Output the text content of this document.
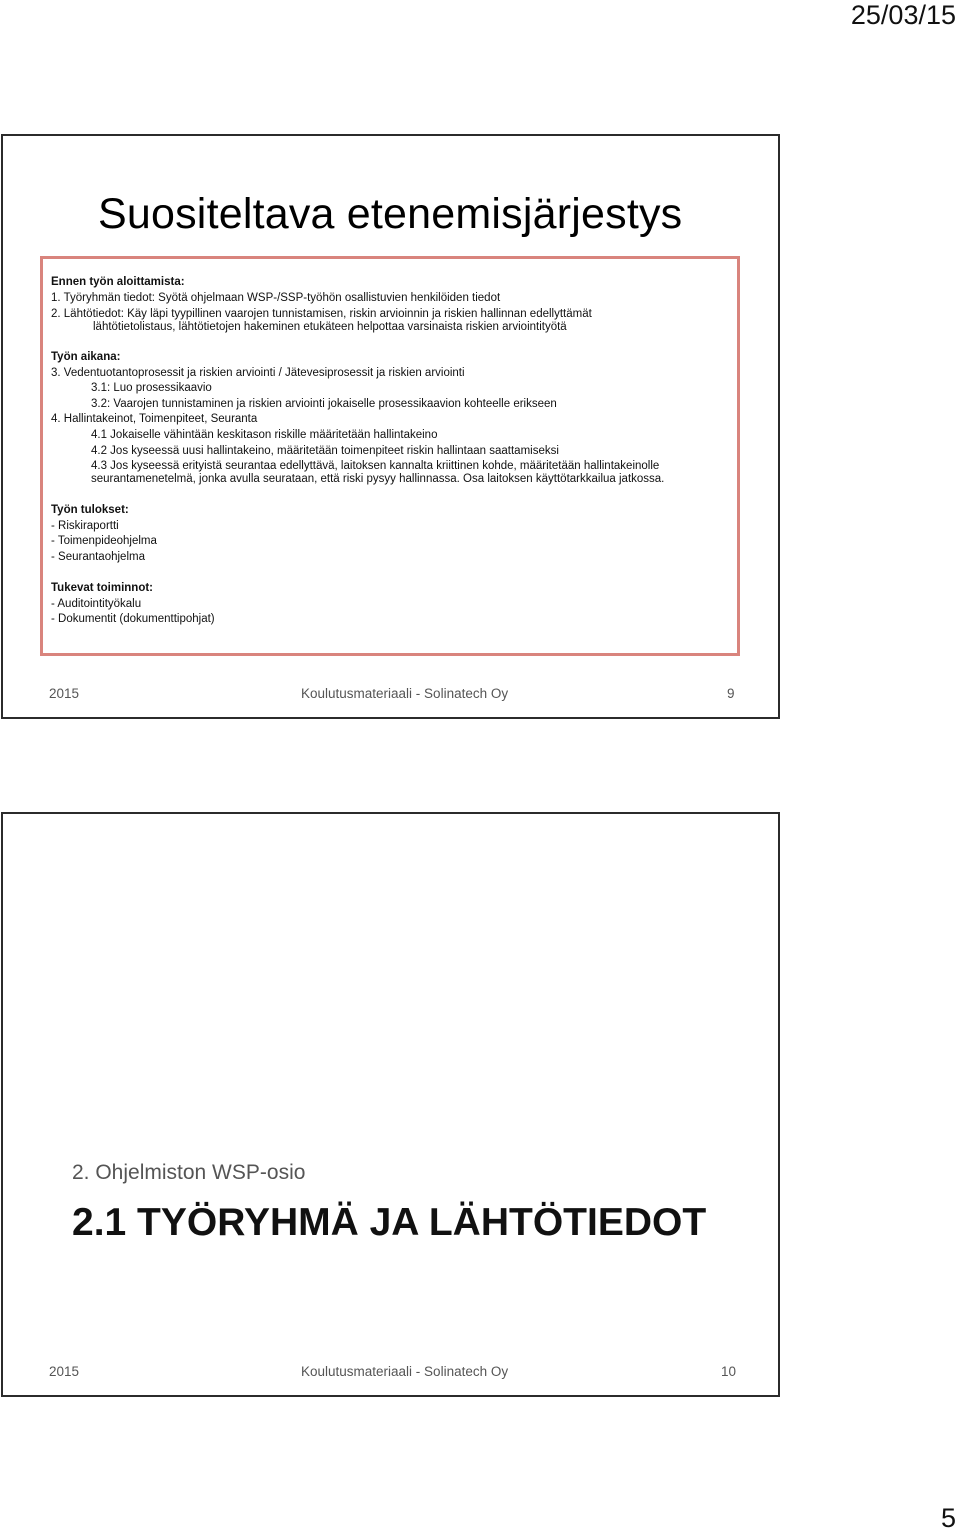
25/03/15
Suositeltava etenemisjärjestys
Ennen työn aloittamista:
1. Työryhmän tiedot: Syötä ohjelmaan WSP-/SSP-työhön osallistuvien henkilöiden tiedot
2. Lähtötiedot: Käy läpi tyypillinen vaarojen tunnistamisen, riskin arvioinnin ja riskien hallinnan edellyttämät
lähtötietolistaus, lähtötietojen hakeminen etukäteen helpottaa varsinaista riskien arviointityötä
Työn aikana:
3. Vedentuotantoprosessit ja riskien arviointi / Jätevesiprosessit ja riskien arviointi
3.1: Luo prosessikaavio
3.2: Vaarojen tunnistaminen ja riskien arviointi jokaiselle prosessikaavion kohteelle erikseen
4. Hallintakeinot, Toimenpiteet, Seuranta
4.1 Jokaiselle vähintään keskitason riskille määritetään hallintakeino
4.2 Jos kyseessä uusi hallintakeino, määritetään toimenpiteet riskin hallintaan saattamiseksi
4.3 Jos kyseessä erityistä seurantaa edellyttävä, laitoksen kannalta kriittinen kohde, määritetään hallintakeinolle
seurantamenetelmä, jonka avulla seurataan, että riski pysyy hallinnassa. Osa laitoksen käyttötarkkailua jatkossa.
Työn tulokset:
- Riskiraportti
- Toimenpideohjelma
- Seurantaohjelma
Tukevat toiminnot:
- Auditointityökalu
- Dokumentit (dokumenttipohjat)
2015	Koulutusmateriaali - Solinatech Oy	9
2. Ohjelmiston WSP-osio
2.1 TYÖRYHMÄ JA LÄHTÖTIEDOT
2015	Koulutusmateriaali - Solinatech Oy	10
5
